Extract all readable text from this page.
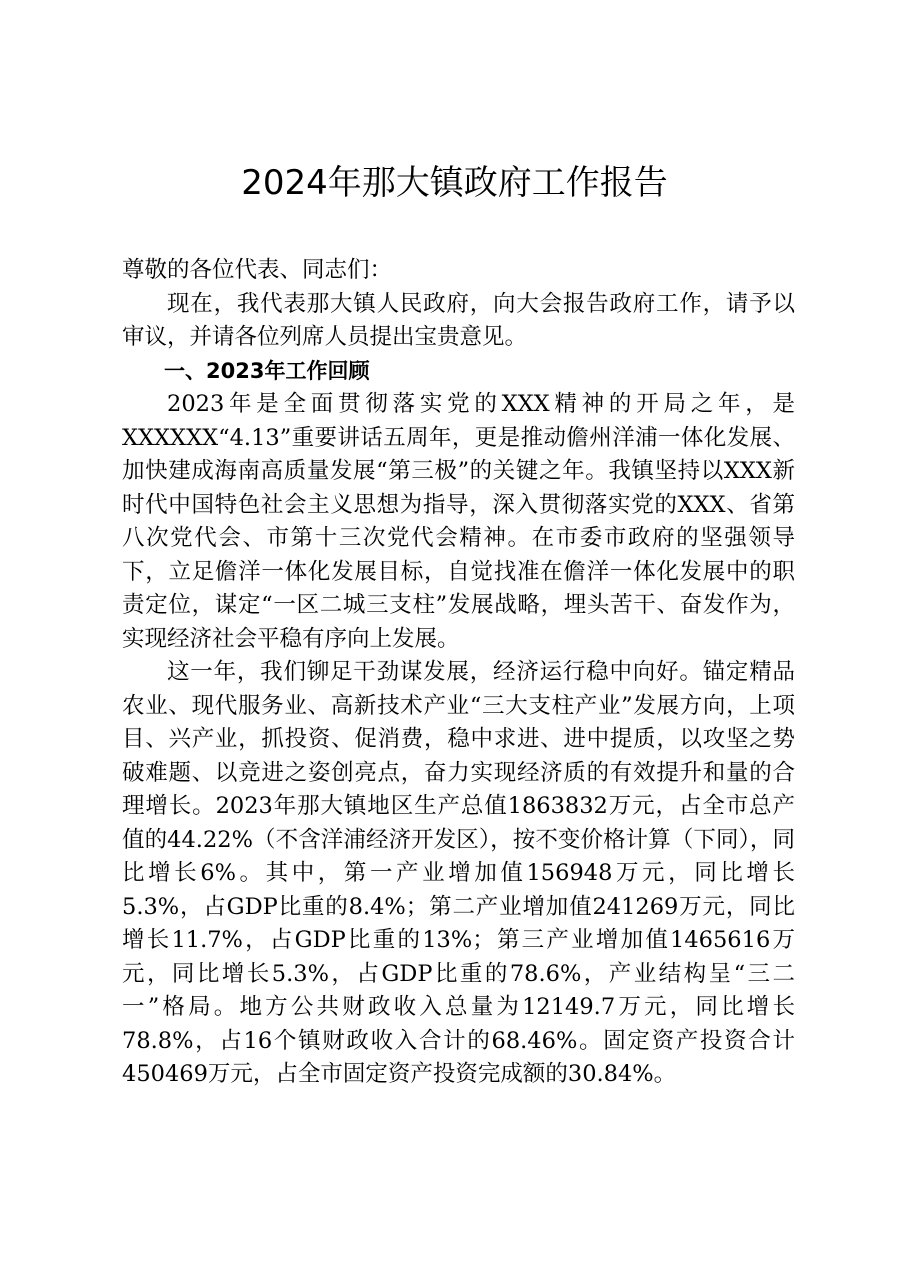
2024年那大镇政府工作报告

尊敬的各位代表、同志们：

现在，我代表那大镇人民政府，向大会报告政府工作，请予以审议，并请各位列席人员提出宝贵意见。

一、2023年工作回顾

2023年是全面贯彻落实党的XXX精神的开局之年，是XXXXXX“4.13”重要讲话五周年，更是推动儋州洋浦一体化发展、加快建成海南高质量发展“第三极”的关键之年。我镇坚持以XXX新时代中国特色社会主义思想为指导，深入贯彻落实党的XXX、省第八次党代会、市第十三次党代会精神。在市委市政府的坚强领导下，立足儋洋一体化发展目标，自觉找准在儋洋一体化发展中的职责定位，谋定“一区二城三支柱”发展战略，埋头苦干、奋发作为，实现经济社会平稳有序向上发展。

这一年，我们铆足干劲谋发展，经济运行稳中向好。锚定精品农业、现代服务业、高新技术产业“三大支柱产业”发展方向，上项目、兴产业，抓投资、促消费，稳中求进、进中提质，以攻坚之势破难题、以竞进之姿创亮点，奋力实现经济质的有效提升和量的合理增长。2023年那大镇地区生产总值1863832万元，占全市总产值的44.22%（不含洋浦经济开发区），按不变价格计算（下同），同比增长6%。其中，第一产业增加值156948万元，同比增长5.3%，占GDP比重的8.4%；第二产业增加值241269万元，同比增长11.7%，占GDP比重的13%；第三产业增加值1465616万元，同比增长5.3%，占GDP比重的78.6%，产业结构呈“三二一”格局。地方公共财政收入总量为12149.7万元，同比增长78.8%，占16个镇财政收入合计的68.46%。固定资产投资合计450469万元，占全市固定资产投资完成额的30.84%。
